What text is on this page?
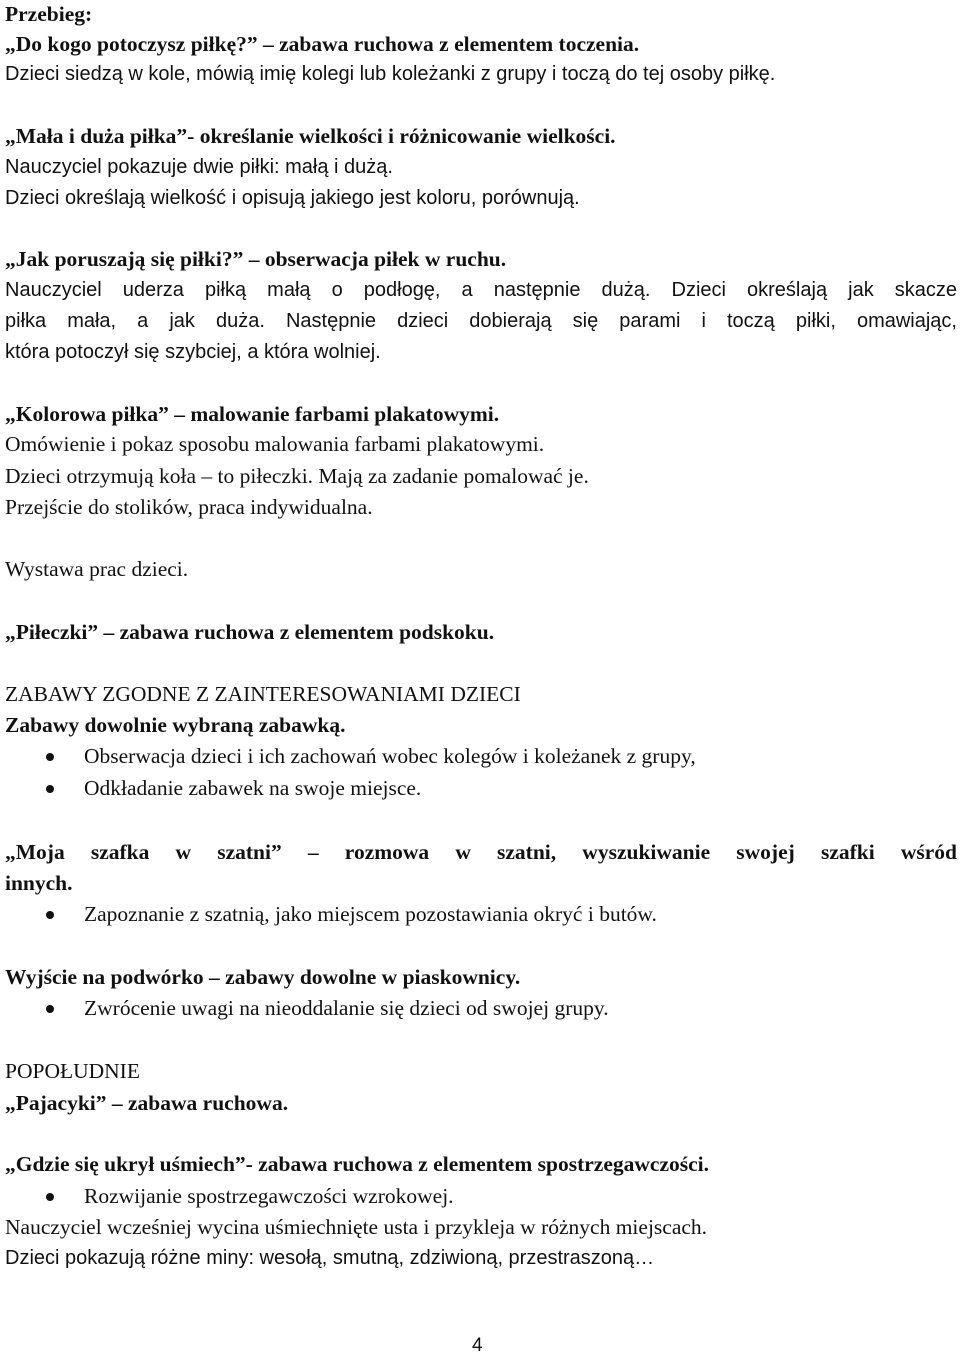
Przebieg:
„Do kogo potoczysz piłkę?” – zabawa ruchowa z elementem toczenia.
Dzieci siedzą w kole, mówią imię kolegi lub koleżanki z grupy i toczą do tej osoby piłkę.
„Mała i duża piłka”- określanie wielkości i różnicowanie wielkości.
Nauczyciel pokazuje dwie piłki: małą i dużą.
Dzieci określają wielkość i opisują jakiego jest koloru, porównują.
„Jak poruszają się piłki?” – obserwacja piłek w ruchu.
Nauczyciel uderza piłką małą o podłogę, a następnie dużą. Dzieci określają jak skacze
piłka mała, a jak duża. Następnie dzieci dobierają się parami i toczą piłki, omawiając,
która potoczył się szybciej, a która wolniej.
„Kolorowa piłka” – malowanie farbami plakatowymi.
Omówienie i pokaz sposobu malowania farbami plakatowymi.
Dzieci otrzymują koła – to piłeczki. Mają za zadanie pomalować je.
Przejście do stolików, praca indywidualna.
Wystawa prac dzieci.
„Piłeczki” – zabawa ruchowa z elementem podskoku.
ZABAWY ZGODNE Z ZAINTERESOWANIAMI DZIECI
Zabawy dowolnie wybraną zabawką.
Obserwacja dzieci i ich zachowań wobec kolegów i koleżanek z grupy,
Odkładanie zabawek na swoje miejsce.
„Moja szafka w szatni” – rozmowa w szatni, wyszukiwanie swojej szafki wśród
innych.
Zapoznanie z szatnią, jako miejscem pozostawiania okryć i butów.
Wyjście na podwórko – zabawy dowolne w piaskownicy.
Zwrócenie uwagi na nieoddalanie się dzieci od swojej grupy.
POPOŁUDNIE
„Pajacyki” – zabawa ruchowa.
„Gdzie się ukrył uśmiech”- zabawa ruchowa z elementem spostrzegawczości.
Rozwijanie spostrzegawczości wzrokowej.
Nauczyciel wcześniej wycina uśmiechnięte usta i przykleja w różnych miejscach.
Dzieci pokazują różne miny: wesołą, smutną, zdziwioną, przestraszoną…
4
